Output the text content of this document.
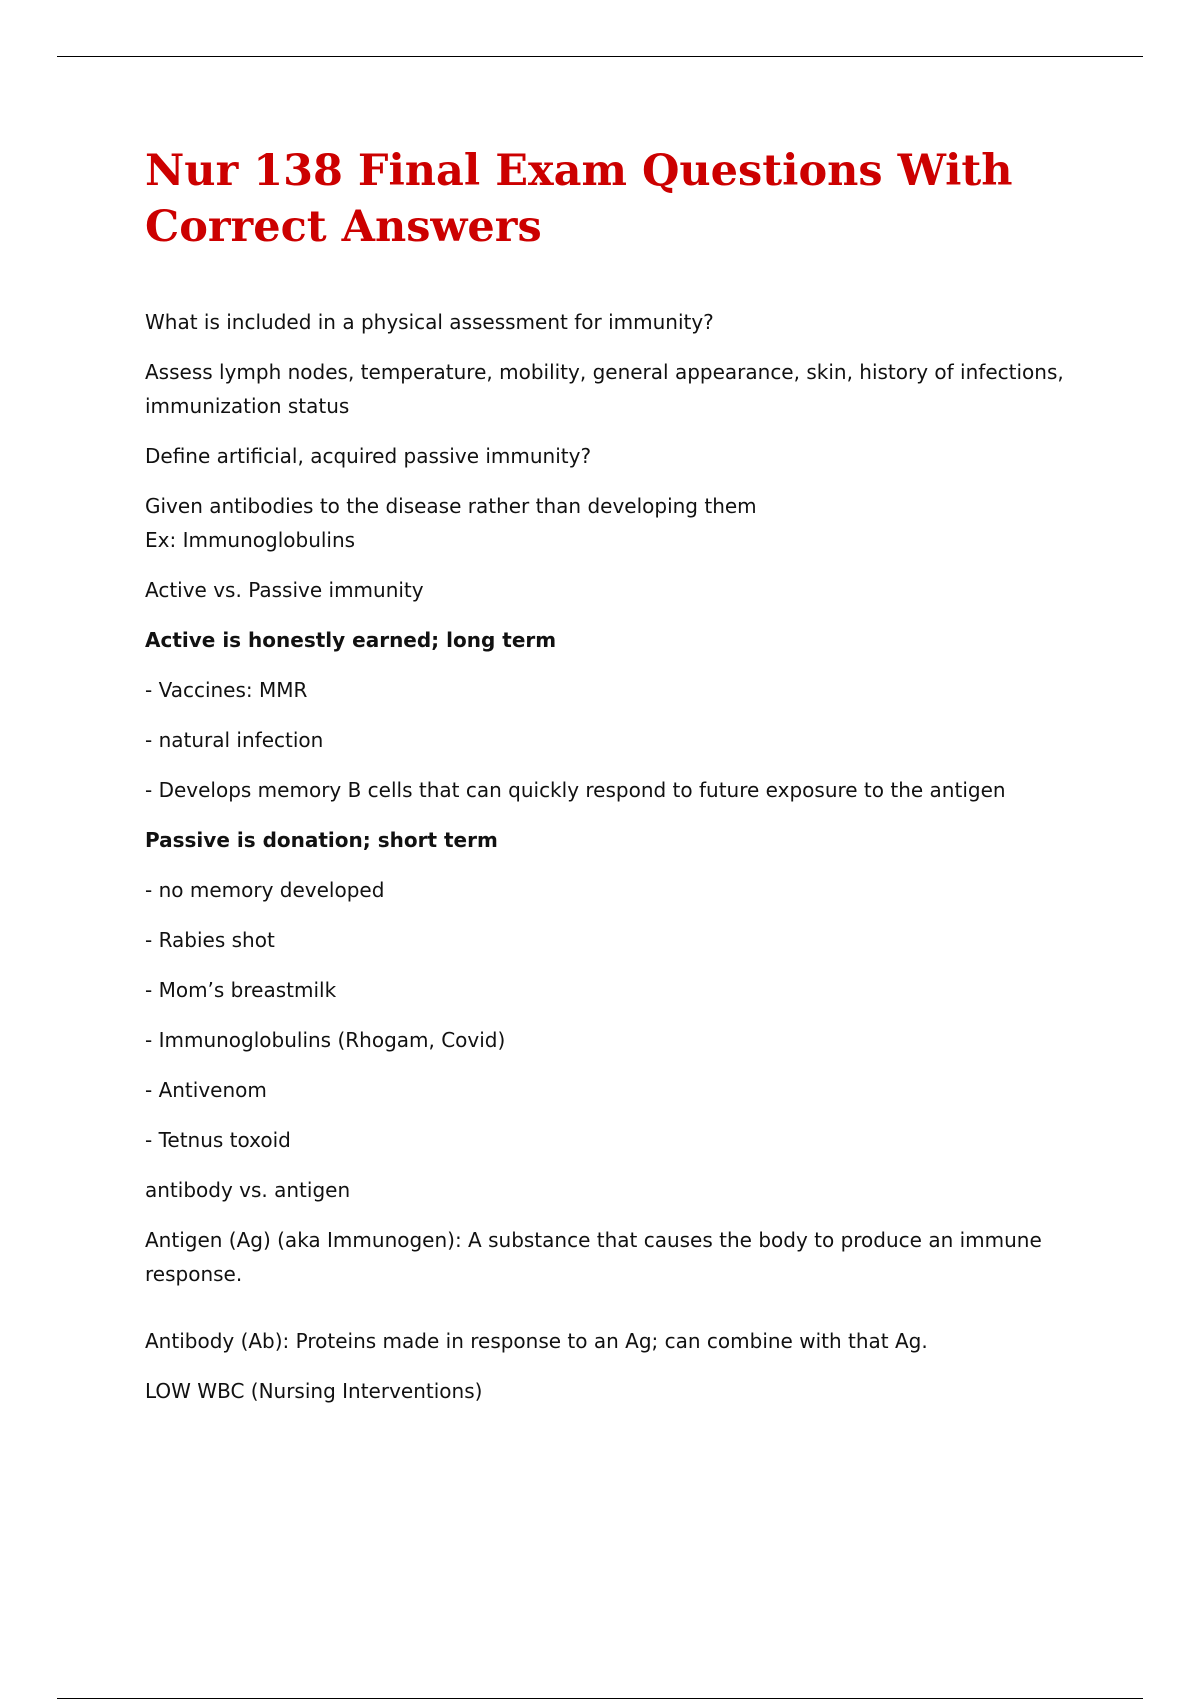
Nur 138 Final Exam Questions With Correct Answers

What is included in a physical assessment for immunity?

Assess lymph nodes, temperature, mobility, general appearance, skin, history of infections, immunization status

Define artificial, acquired passive immunity?

Given antibodies to the disease rather than developing them
Ex: Immunoglobulins

Active vs. Passive immunity

Active is honestly earned; long term

- Vaccines: MMR

- natural infection

- Develops memory B cells that can quickly respond to future exposure to the antigen

Passive is donation; short term

- no memory developed

- Rabies shot

- Mom’s breastmilk

- Immunoglobulins (Rhogam, Covid)

- Antivenom

- Tetnus toxoid

antibody vs. antigen

Antigen (Ag) (aka Immunogen): A substance that causes the body to produce an immune response.

Antibody (Ab): Proteins made in response to an Ag; can combine with that Ag.

LOW WBC (Nursing Interventions)
